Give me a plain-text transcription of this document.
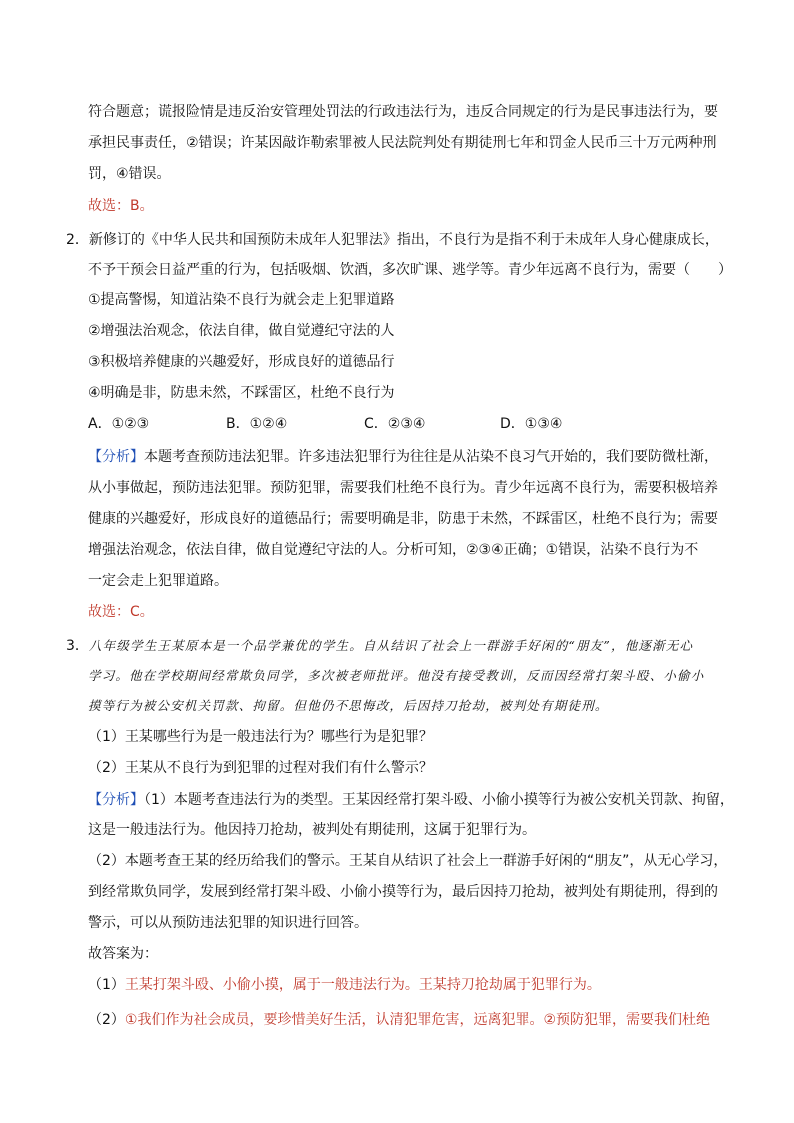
符合题意；谎报险情是违反治安管理处罚法的行政违法行为，违反合同规定的行为是民事违法行为，要
承担民事责任，②错误；许某因敲诈勒索罪被人民法院判处有期徒刑七年和罚金人民币三十万元两种刑
罚，④错误。
故选：B。
2．新修订的《中华人民共和国预防未成年人犯罪法》指出，不良行为是指不利于未成年人身心健康成长，
不予干预会日益严重的行为，包括吸烟、饮酒，多次旷课、逃学等。青少年远离不良行为，需要（　　）
①提高警惕，知道沾染不良行为就会走上犯罪道路
②增强法治观念，依法自律，做自觉遵纪守法的人
③积极培养健康的兴趣爱好，形成良好的道德品行
④明确是非，防患未然，不踩雷区，杜绝不良行为
A．①②③	B．①②④	C．②③④	D．①③④
【分析】本题考查预防违法犯罪。许多违法犯罪行为往往是从沾染不良习气开始的，我们要防微杜渐，
从小事做起，预防违法犯罪。预防犯罪，需要我们杜绝不良行为。青少年远离不良行为，需要积极培养
健康的兴趣爱好，形成良好的道德品行；需要明确是非，防患于未然，不踩雷区，杜绝不良行为；需要
增强法治观念，依法自律，做自觉遵纪守法的人。分析可知，②③④正确；①错误，沾染不良行为不
一定会走上犯罪道路。
故选：C。
3．八年级学生王某原本是一个品学兼优的学生。自从结识了社会上一群游手好闲的“朋友”，他逐渐无心
学习。他在学校期间经常欺负同学，多次被老师批评。他没有接受教训，反而因经常打架斗殴、小偷小
摸等行为被公安机关罚款、拘留。但他仍不思悔改，后因持刀抢劫，被判处有期徒刑。
（1）王某哪些行为是一般违法行为？哪些行为是犯罪？
（2）王某从不良行为到犯罪的过程对我们有什么警示？
【分析】（1）本题考查违法行为的类型。王某因经常打架斗殴、小偷小摸等行为被公安机关罚款、拘留，
这是一般违法行为。他因持刀抢劫，被判处有期徒刑，这属于犯罪行为。
（2）本题考查王某的经历给我们的警示。王某自从结识了社会上一群游手好闲的“朋友”，从无心学习，
到经常欺负同学，发展到经常打架斗殴、小偷小摸等行为，最后因持刀抢劫，被判处有期徒刑，得到的
警示，可以从预防违法犯罪的知识进行回答。
故答案为：
（1）王某打架斗殴、小偷小摸，属于一般违法行为。王某持刀抢劫属于犯罪行为。
（2）①我们作为社会成员，要珍惜美好生活，认清犯罪危害，远离犯罪。②预防犯罪，需要我们杜绝
